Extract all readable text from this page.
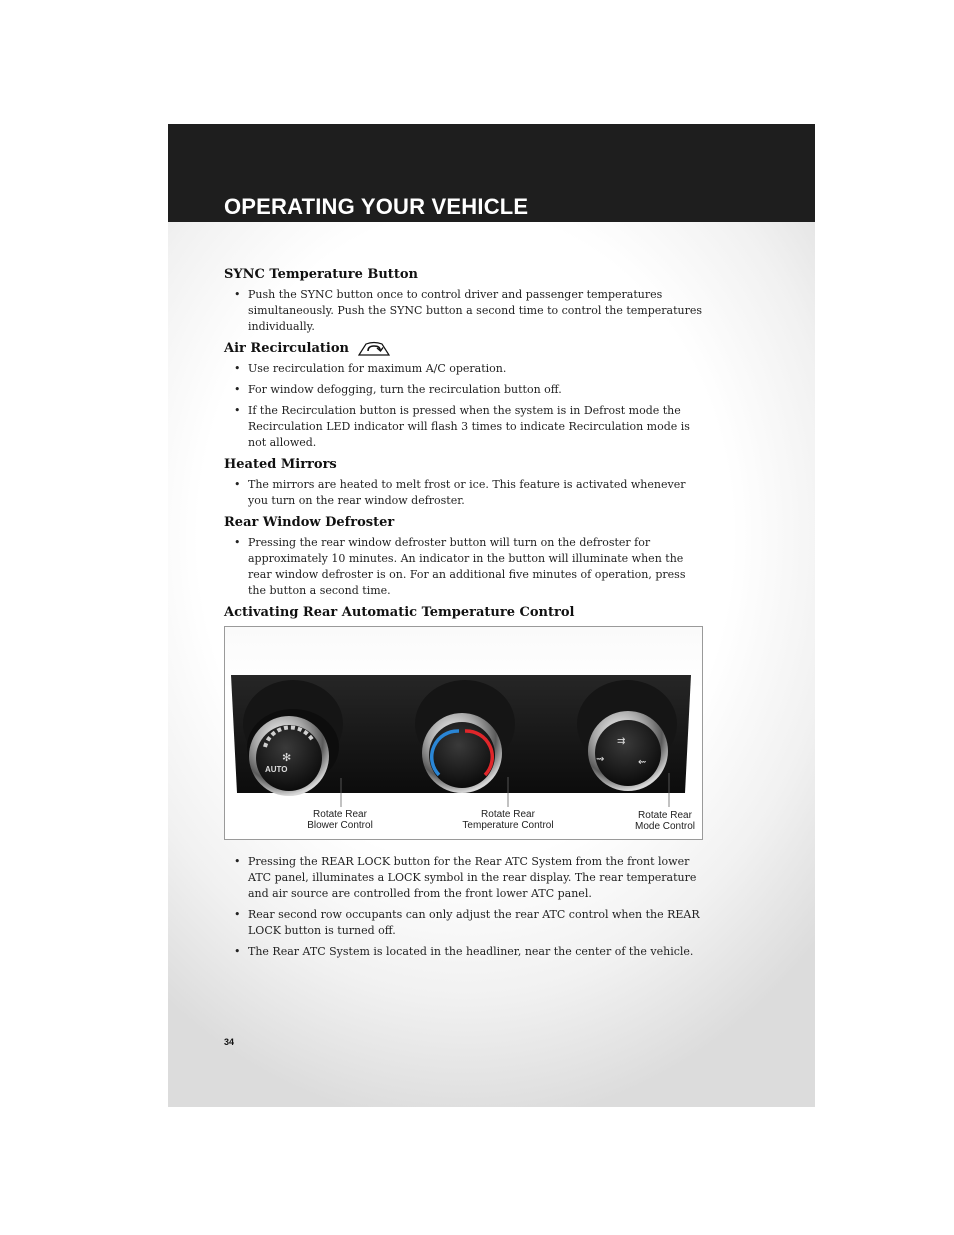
OPERATING YOUR VEHICLE
SYNC Temperature Button
• Push the SYNC button once to control driver and passenger temperatures simultaneously. Push the SYNC button a second time to control the temperatures individually.
Air Recirculation
• Use recirculation for maximum A/C operation.
• For window defogging, turn the recirculation button off.
• If the Recirculation button is pressed when the system is in Defrost mode the Recirculation LED indicator will flash 3 times to indicate Recirculation mode is not allowed.
Heated Mirrors
• The mirrors are heated to melt frost or ice. This feature is activated whenever you turn on the rear window defroster.
Rear Window Defroster
• Pressing the rear window defroster button will turn on the defroster for approximately 10 minutes. An indicator in the button will illuminate when the rear window defroster is on. For an additional five minutes of operation, press the button a second time.
Activating Rear Automatic Temperature Control
✻
AUTO
⇉
⇝	⇜
Rotate Rear
Blower Control
Rotate Rear
Temperature Control
Rotate Rear
Mode Control
• Pressing the REAR LOCK button for the Rear ATC System from the front lower ATC panel, illuminates a LOCK symbol in the rear display. The rear temperature and air source are controlled from the front lower ATC panel.
• Rear second row occupants can only adjust the rear ATC control when the REAR LOCK button is turned off.
• The Rear ATC System is located in the headliner, near the center of the vehicle.
34
